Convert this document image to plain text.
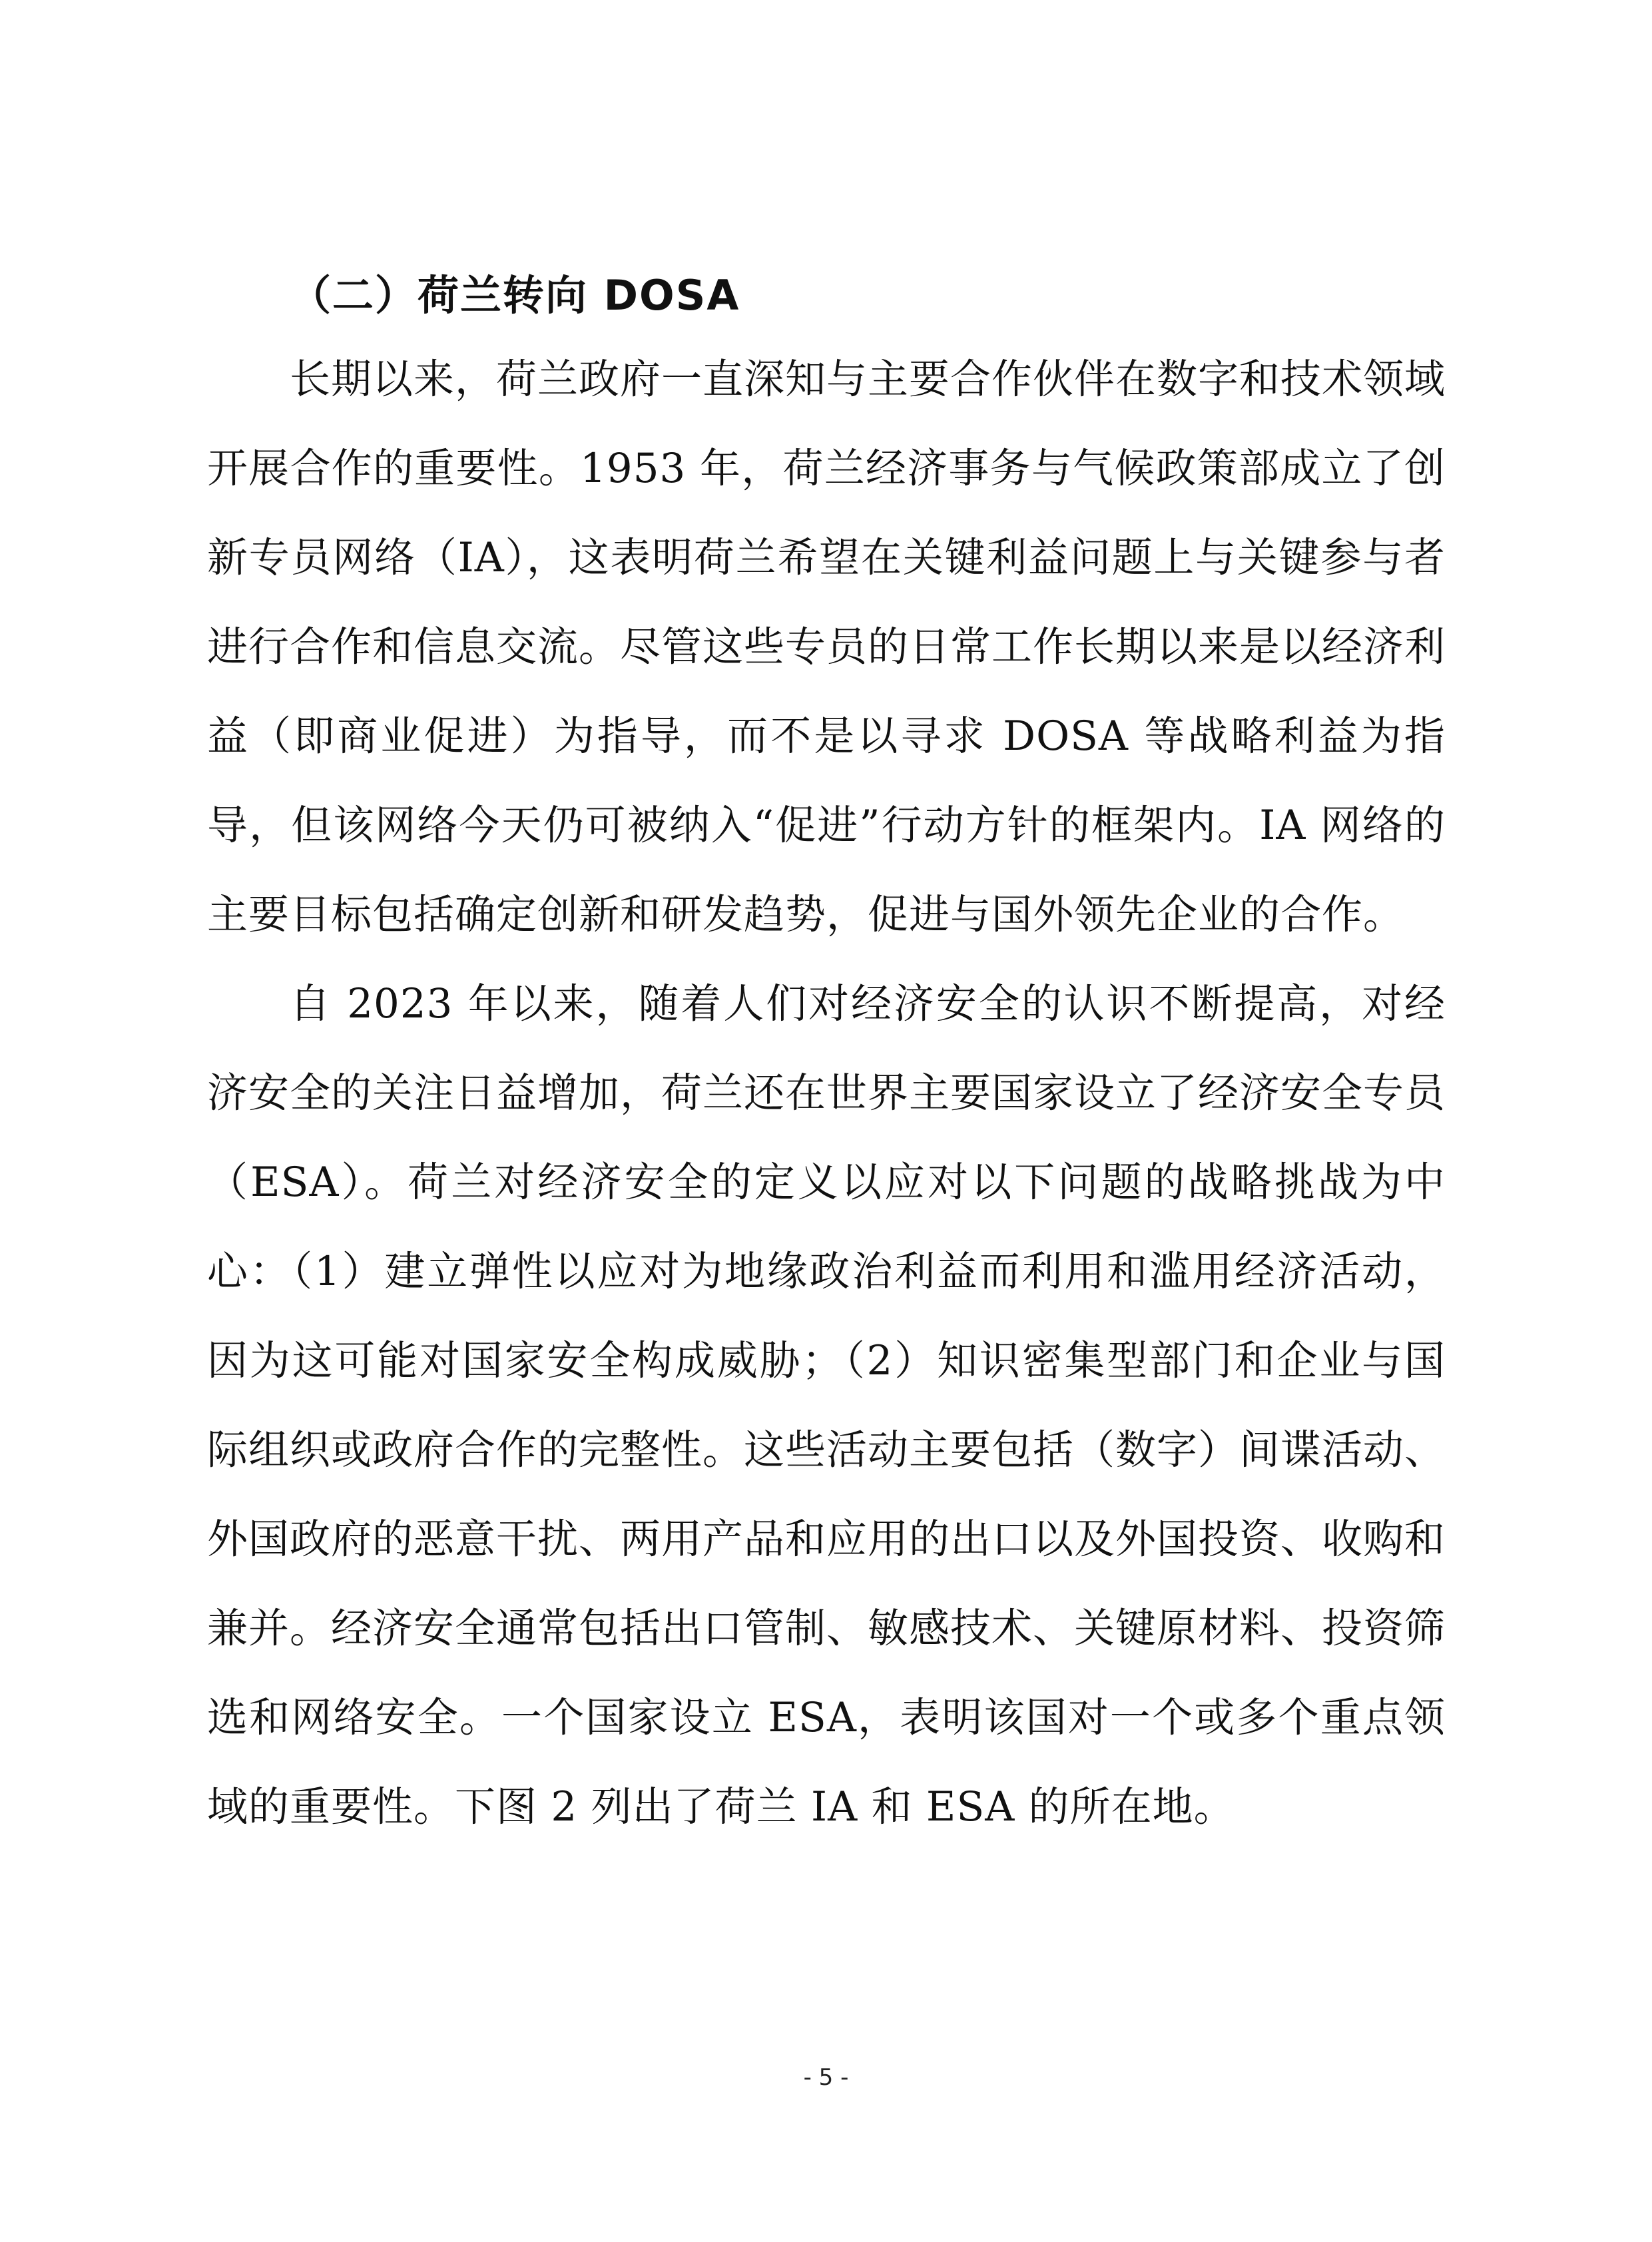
（二）荷兰转向 DOSA

长期以来，荷兰政府一直深知与主要合作伙伴在数字和技术领域开展合作的重要性。1953 年，荷兰经济事务与气候政策部成立了创新专员网络（IA），这表明荷兰希望在关键利益问题上与关键参与者进行合作和信息交流。尽管这些专员的日常工作长期以来是以经济利益（即商业促进）为指导，而不是以寻求 DOSA 等战略利益为指导，但该网络今天仍可被纳入“促进”行动方针的框架内。IA 网络的主要目标包括确定创新和研发趋势，促进与国外领先企业的合作。

自 2023 年以来，随着人们对经济安全的认识不断提高，对经济安全的关注日益增加，荷兰还在世界主要国家设立了经济安全专员（ESA）。荷兰对经济安全的定义以应对以下问题的战略挑战为中心：（1）建立弹性以应对为地缘政治利益而利用和滥用经济活动，因为这可能对国家安全构成威胁；（2）知识密集型部门和企业与国际组织或政府合作的完整性。这些活动主要包括（数字）间谍活动、外国政府的恶意干扰、两用产品和应用的出口以及外国投资、收购和兼并。经济安全通常包括出口管制、敏感技术、关键原材料、投资筛选和网络安全。一个国家设立 ESA，表明该国对一个或多个重点领域的重要性。下图 2 列出了荷兰 IA 和 ESA 的所在地。

- 5 -
